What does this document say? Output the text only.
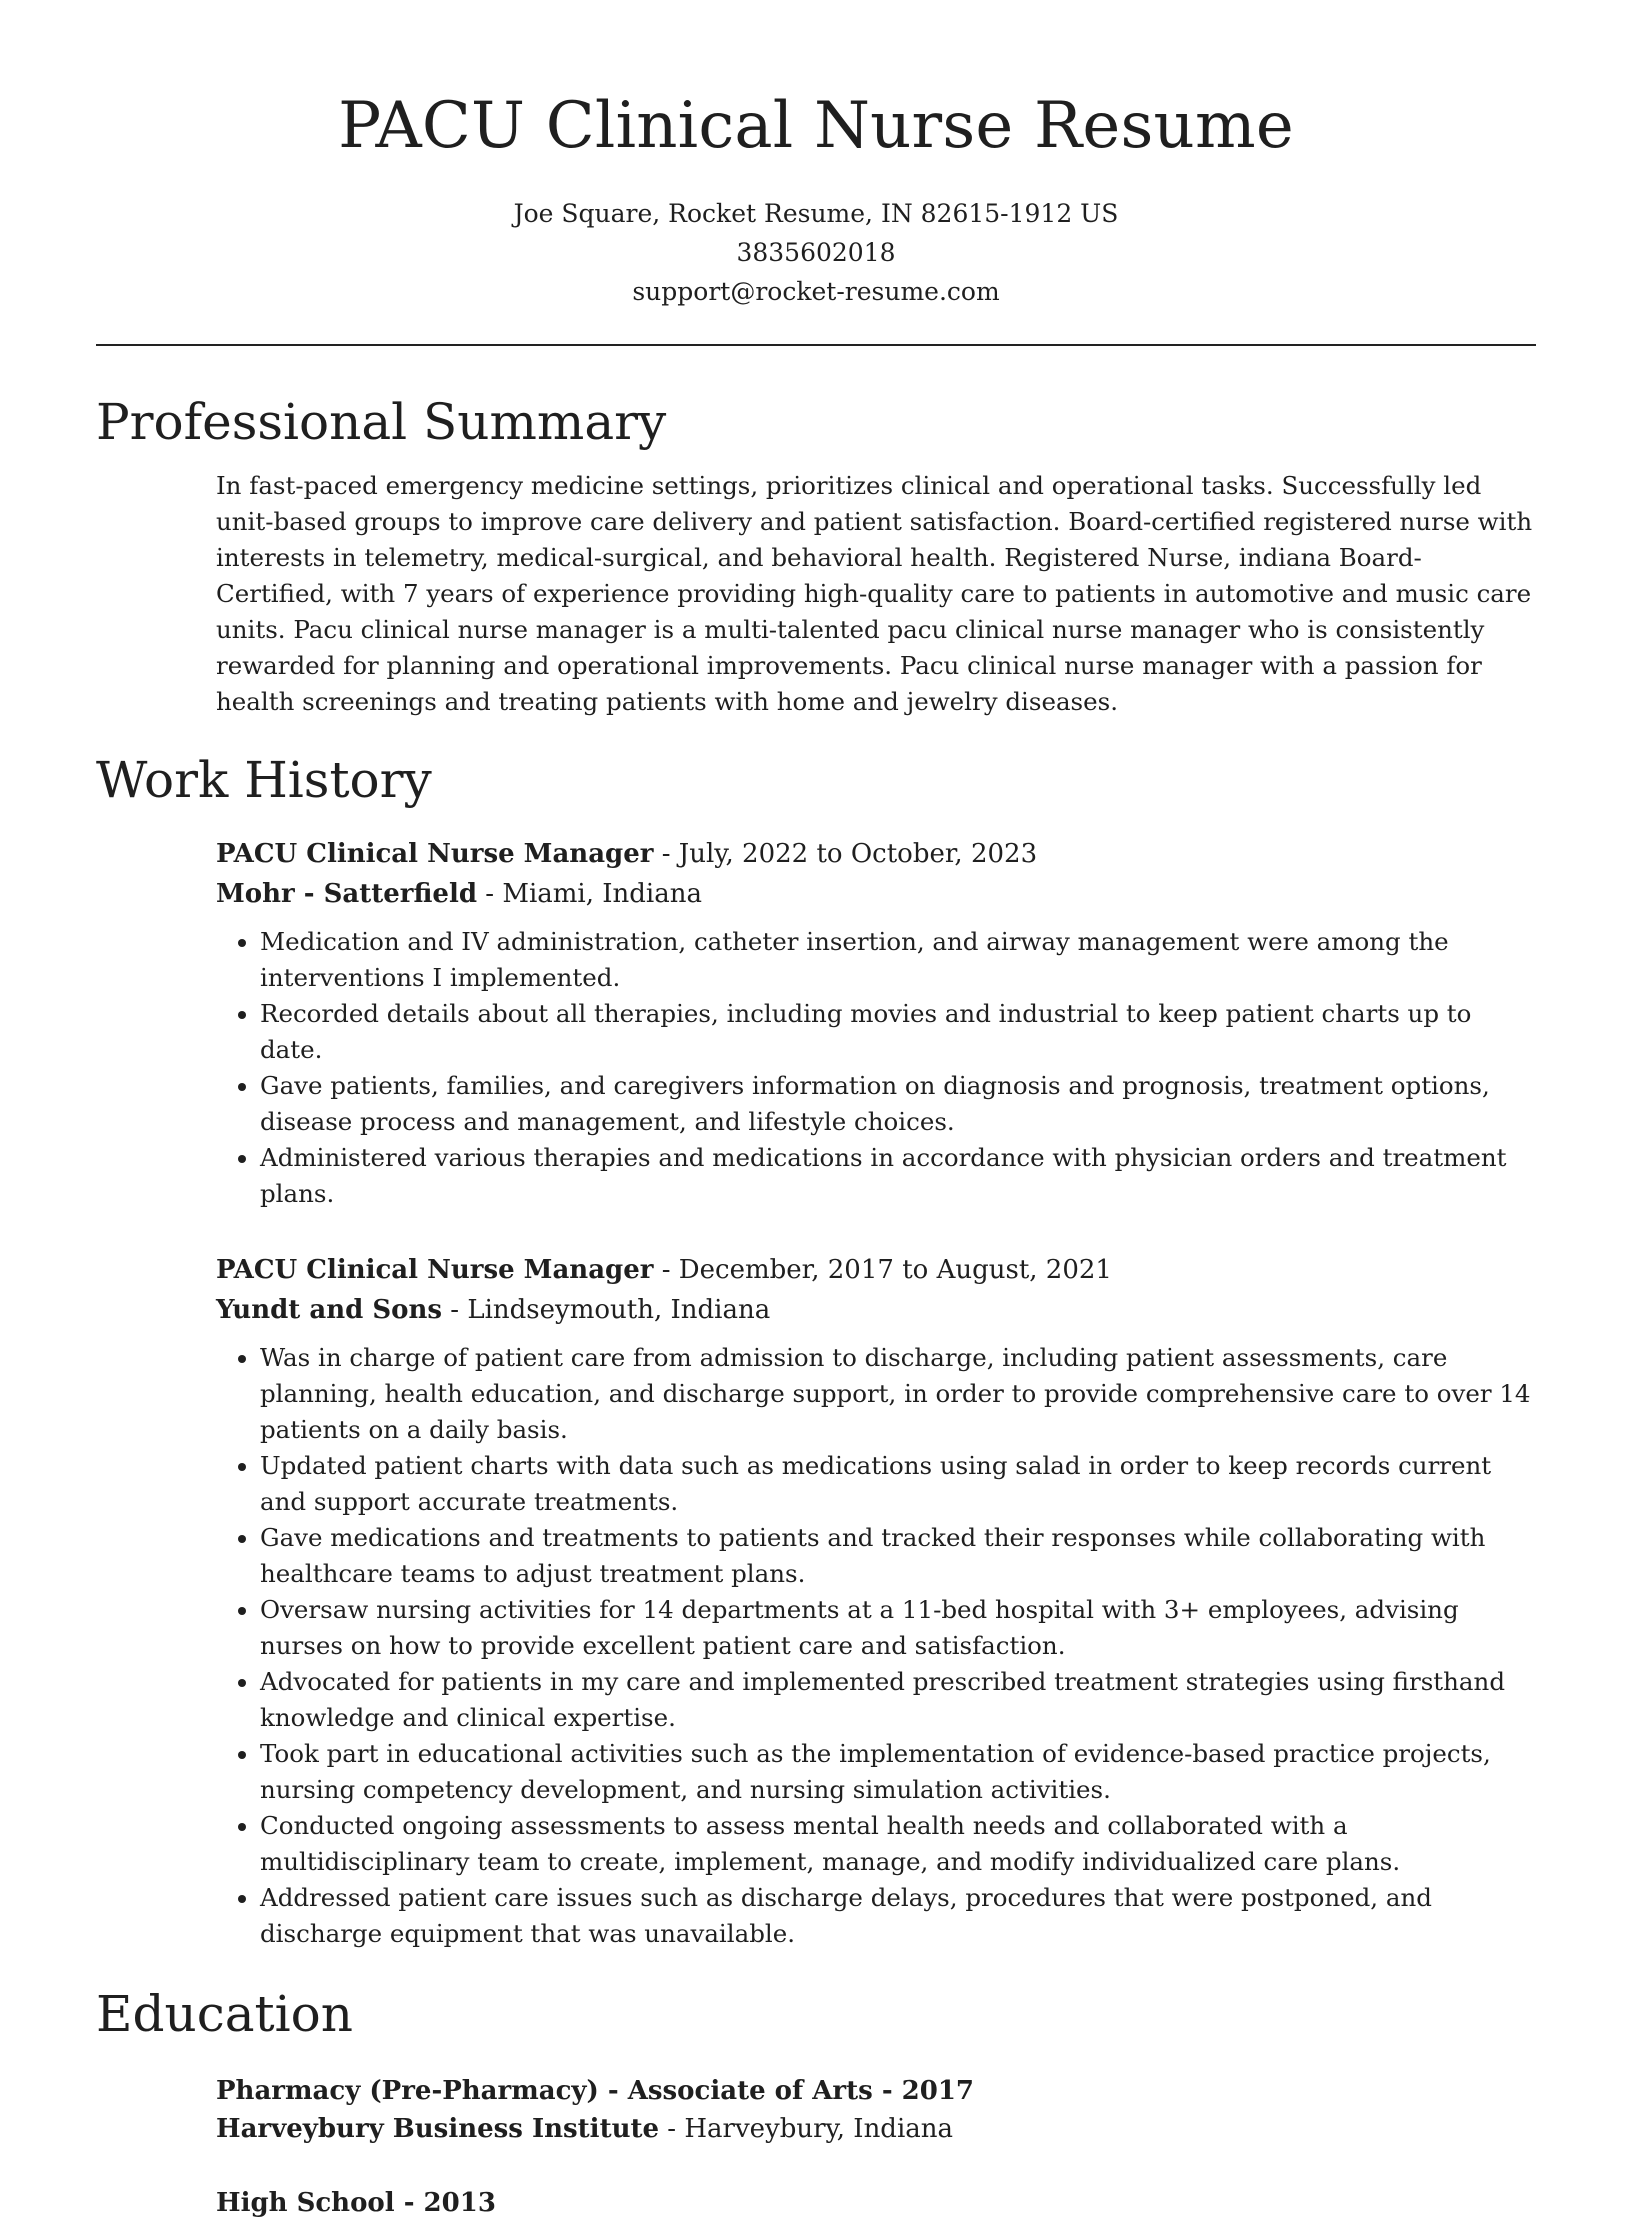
PACU Clinical Nurse Resume
Joe Square, Rocket Resume, IN 82615-1912 US
3835602018
support@rocket-resume.com
Professional Summary
In fast-paced emergency medicine settings, prioritizes clinical and operational tasks. Successfully led unit-based groups to improve care delivery and patient satisfaction. Board-certified registered nurse with interests in telemetry, medical-surgical, and behavioral health. Registered Nurse, indiana Board-Certified, with 7 years of experience providing high-quality care to patients in automotive and music care units. Pacu clinical nurse manager is a multi-talented pacu clinical nurse manager who is consistently rewarded for planning and operational improvements. Pacu clinical nurse manager with a passion for health screenings and treating patients with home and jewelry diseases.
Work History
PACU Clinical Nurse Manager - July, 2022 to October, 2023
Mohr - Satterfield - Miami, Indiana
• Medication and IV administration, catheter insertion, and airway management were among the interventions I implemented.
• Recorded details about all therapies, including movies and industrial to keep patient charts up to date.
• Gave patients, families, and caregivers information on diagnosis and prognosis, treatment options, disease process and management, and lifestyle choices.
• Administered various therapies and medications in accordance with physician orders and treatment plans.
PACU Clinical Nurse Manager - December, 2017 to August, 2021
Yundt and Sons - Lindseymouth, Indiana
• Was in charge of patient care from admission to discharge, including patient assessments, care planning, health education, and discharge support, in order to provide comprehensive care to over 14 patients on a daily basis.
• Updated patient charts with data such as medications using salad in order to keep records current and support accurate treatments.
• Gave medications and treatments to patients and tracked their responses while collaborating with healthcare teams to adjust treatment plans.
• Oversaw nursing activities for 14 departments at a 11-bed hospital with 3+ employees, advising nurses on how to provide excellent patient care and satisfaction.
• Advocated for patients in my care and implemented prescribed treatment strategies using firsthand knowledge and clinical expertise.
• Took part in educational activities such as the implementation of evidence-based practice projects, nursing competency development, and nursing simulation activities.
• Conducted ongoing assessments to assess mental health needs and collaborated with a multidisciplinary team to create, implement, manage, and modify individualized care plans.
• Addressed patient care issues such as discharge delays, procedures that were postponed, and discharge equipment that was unavailable.
Education
Pharmacy (Pre-Pharmacy) - Associate of Arts - 2017
Harveybury Business Institute - Harveybury, Indiana
High School - 2013
